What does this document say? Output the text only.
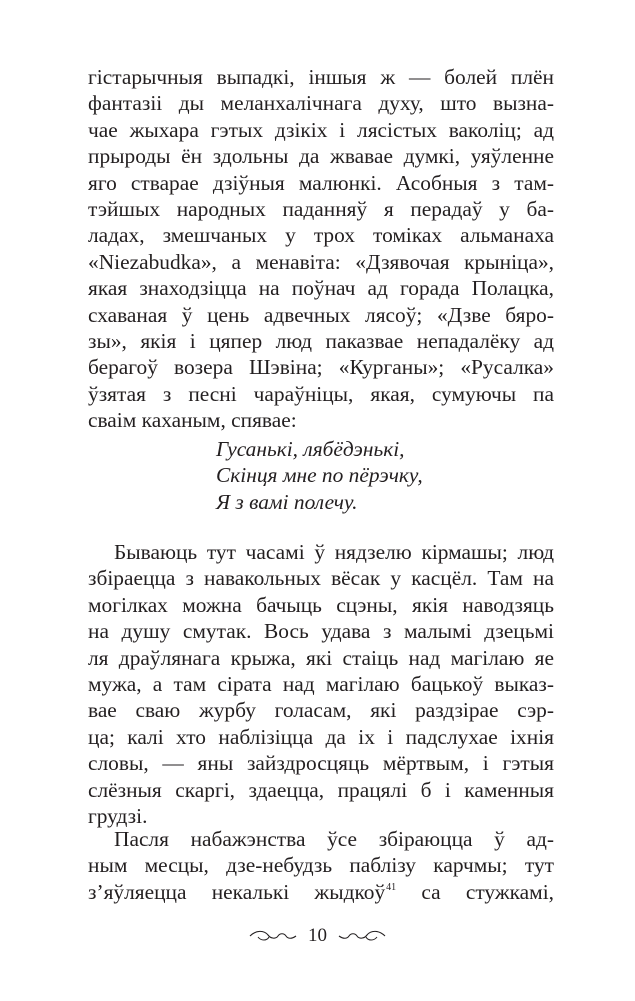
гістарычныя выпадкі, іншыя ж — болей плён
фантазіі ды меланхалічнага духу, што вызна-
чае жыхара гэтых дзікіх і лясістых ваколіц; ад
прыроды ён здольны да жвавае думкі, уяўленне
яго стварае дзіўныя малюнкі. Асобныя з там-
тэйшых народных паданняў я перадаў у ба-
ладах, змешчаных у трох томіках альманаха
«Niezabudka», а менавіта: «Дзявочая крыніца»,
якая знаходзіцца на поўнач ад горада Полацка,
схаваная ў цень адвечных лясоў; «Дзве бяро-
зы», якія і цяпер люд паказвае непадалёку ад
берагоў возера Шэвіна; «Курганы»; «Русалка»
ўзятая з песні чараўніцы, якая, сумуючы па
сваім каханым, спявае:
Гусанькі, лябёдэнькі,
Скінця мне по пёрэчку,
Я з вамі полечу.
Бываюць тут часамі ў нядзелю кірмашы; люд
збіраецца з навакольных вёсак у касцёл. Там на
могілках можна бачыць сцэны, якія наводзяць
на душу смутак. Вось удава з малымі дзецьмі
ля драўлянага крыжа, які стаіць над магілаю яе
мужа, а там сірата над магілаю бацькоў выказ-
вае сваю журбу голасам, які раздзірае сэр-
ца; калі хто наблізіцца да іх і падслухае іхнія
словы, — яны зайздросцяць мёртвым, і гэтыя
слёзныя скаргі, здаецца, працялі б і каменныя
грудзі.
Пасля набажэнства ўсе збіраюцца ў ад-
ным месцы, дзе-небудзь паблізу карчмы; тут
з’яўляецца некалькі жыдкоў$^{41}$ са стужкамі,
10
